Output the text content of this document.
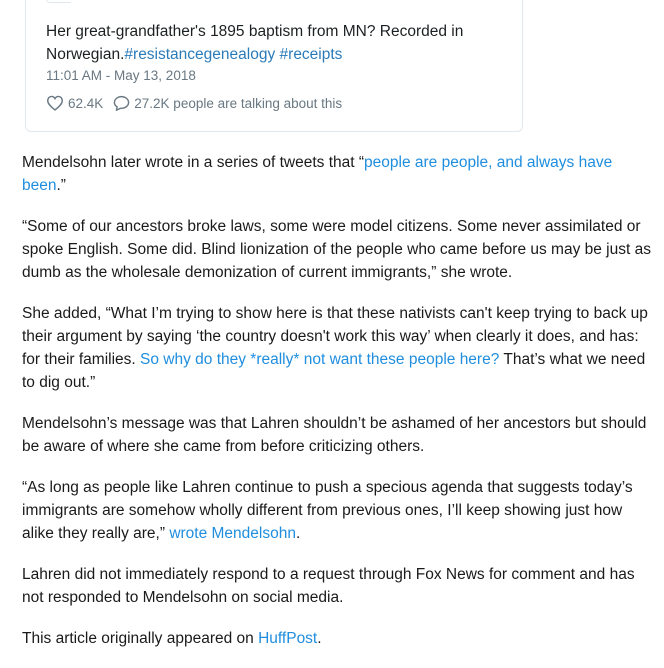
Her great-grandfather's 1895 baptism from MN? Recorded in Norwegian.#resistancegenealogy #receipts
11:01 AM - May 13, 2018
62.4K 27.2K people are talking about this

Mendelsohn later wrote in a series of tweets that “people are people, and always have been.”

“Some of our ancestors broke laws, some were model citizens. Some never assimilated or spoke English. Some did. Blind lionization of the people who came before us may be just as dumb as the wholesale demonization of current immigrants,” she wrote.

She added, “What I’m trying to show here is that these nativists can't keep trying to back up their argument by saying ‘the country doesn't work this way’ when clearly it does, and has: for their families. So why do they *really* not want these people here? That’s what we need to dig out.”

Mendelsohn’s message was that Lahren shouldn’t be ashamed of her ancestors but should be aware of where she came from before criticizing others.

“As long as people like Lahren continue to push a specious agenda that suggests today’s immigrants are somehow wholly different from previous ones, I’ll keep showing just how alike they really are,” wrote Mendelsohn.

Lahren did not immediately respond to a request through Fox News for comment and has not responded to Mendelsohn on social media.

This article originally appeared on HuffPost.
